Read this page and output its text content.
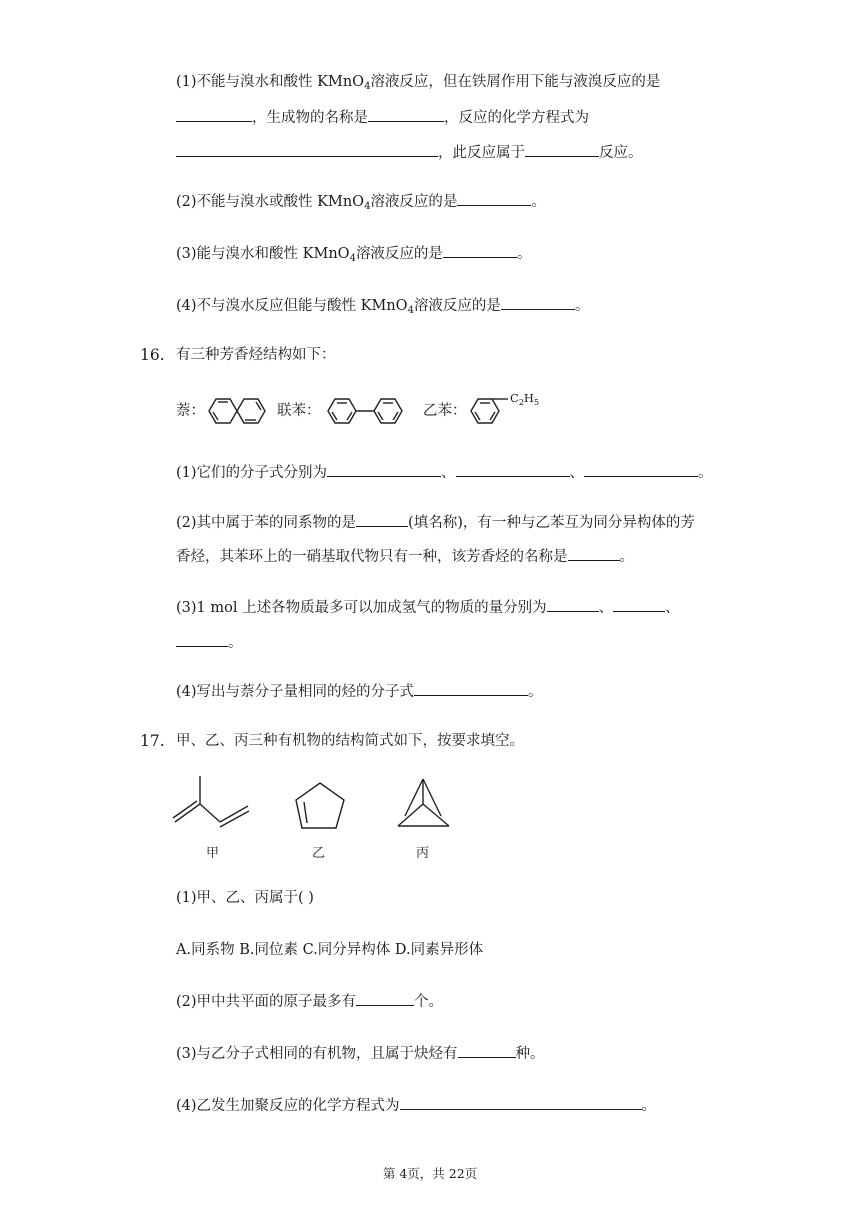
(1)不能与溴水和酸性 KMnO$_4$溶液反应，但在铁屑作用下能与液溴反应的是
，生成物的名称是	，反应的化学方程式为
，此反应属于	反应。
(2)不能与溴水或酸性 KMnO$_4$溶液反应的是	。
(3)能与溴水和酸性 KMnO$_4$溶液反应的是	。
(4)不与溴水反应但能与酸性 KMnO$_4$溶液反应的是	。
16. 有三种芳香烃结构如下：
萘：	联苯：	乙苯：
$C_2H_5$
(1)它们的分子式分别为	、	、	。
(2)其中属于苯的同系物的是	(填名称)，有一种与乙苯互为同分异构体的芳
香烃，其苯环上的一硝基取代物只有一种，该芳香烃的名称是	。
(3)1 mol 上述各物质最多可以加成氢气的物质的量分别为	、	、
。
(4)写出与萘分子量相同的烃的分子式	。
17. 甲、乙、丙三种有机物的结构简式如下，按要求填空。
甲	乙	丙
(1)甲、乙、丙属于( )
A.同系物 B.同位素 C.同分异构体 D.同素异形体
(2)甲中共平面的原子最多有	个。
(3)与乙分子式相同的有机物，且属于炔烃有	种。
(4)乙发生加聚反应的化学方程式为	。
第 4页，共 22页
